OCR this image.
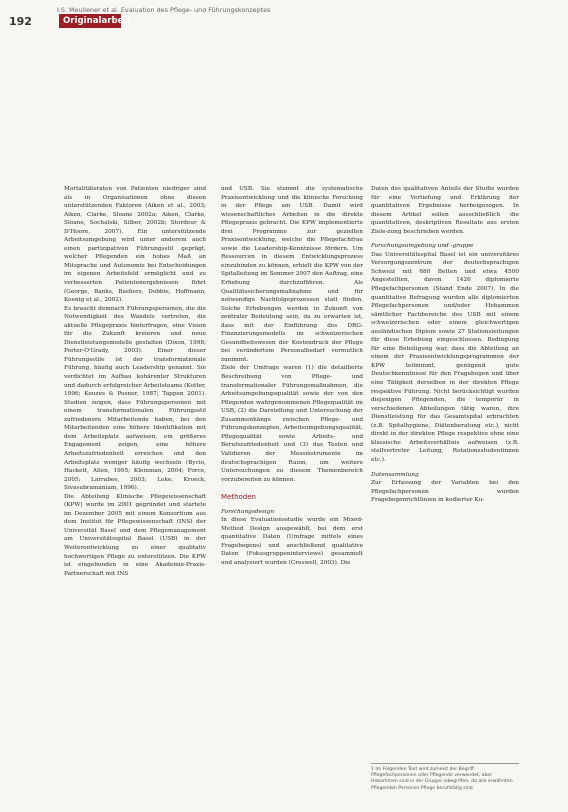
I.S. Meullener et al. Evaluation des Pflege- und Führungskonzeptes
192	Originalarbeit

Mortalitätsraten von Patienten niedriger sind als in Organisationen ohne diesen unterstützenden Faktoren (Aiken et al., 2003; Aiken, Clarke, Sloane 2002a; Aiken, Clarke, Sloane, Sochalski, Silber, 2002b; Stordeur & D'Hoore, 2007). Ein unterstützende Arbeitsumgebung wird unter anderem auch einen partizipativen Führungsstil geprägt, welcher Pflegenden ein hohes Maß an Mitsprache und Autonomie bei Entscheidungen im eigenen Arbeitsfeld ermöglicht und zu verbesserten Patientenergebnissen führt (George, Banks, Bashers, Dobbie, Hoffmann, Koenig et al., 2002).

Es braucht demnach Führungspersonen, die die Notwendigkeit des Wandels vertreten, die aktuelle Pflegepraxis hinterfragen, eine Vision für die Zukunft kreieren und neue Dienstleistungsmodelle gestalten (Dixon, 1998; Porter-O'Grady, 2003). Einer dieser Führungsstile ist der transformationale Führung, häufig auch Leadership genannt. Sie verdichtet im Aufbau kohärenter Strukturen und dadurch erfolgreicher Arbeitsteams (Kotter, 1996; Kouzes & Posner, 1987; Tappen 2001). Studien zeigen, dass Führungspersonen mit einem transformationalen Führungsstil zufriedenere Mitarbeitende haben, bei den Mitarbeitenden eine höhere Identifikation mit dem Arbeitsplatz aufweisen, ein größeres Engagement zeigen, eine höhere Arbeitszufriedenheit erreichen und den Arbeitsplatz weniger häufig wechseln (Bycio, Hackett, Allen, 1995; Kleinman, 2004; Force, 2005; Larrabee, 2003; Loke, Kroeck, Sivasubramaniam, 1996).

Die Abteilung Klinische Pflegewissenschaft (KPW) wurde im 2001 gegründet und startete im Dezember 2005 mit einem Konsortium aus dem Institut für Pflegewissenschaft (INS) der Universität Basel und dem Pflegemanagement am Universitätsspital Basel (USB) in der Weiterentwicklung zu einer qualitativ hochwertigen Pflege zu unterstützen. Die KPW ist eingebunden in eine Akademie-Praxis-Partnerschaft mit INS

und USB. Sie stemmt die systematische Praxisentwicklung und die klinische Forschung in der Pflege am USB. Damit wird wissenschaftliches Arbeiten in die direkte Pflegepraxis gebracht. Die KPW implementierte drei Programme zur gezielten Praxisentwicklung, welche die Pflegefachfrau sowie die Leadership-Kenntnisse fördern. Um Ressourcen in diesem Entwicklungsprozess einzubinden zu können, erhielt die KPW von der Spitalleitung im Sommer 2007 den Auftrag, eine Erhebung durchzuführen. Als Qualitätssicherungsmaßnahme und für notwendige Nachfolgeprozessen statt finden. Solche Erhebungen werden in Zukunft von zentraler Bedeutung sein, da zu erwarten ist, dass mit der Einführung des DRG-Finanzierungsmodells im schweizerischen Gesundheitswesen der Kostendruck der Pflege bei verändertem Personalbedarf vermutlich zunimmt.

Ziele der Umfrage waren (1) die detaillierte Beschreibung von Pflege- und transformationaler Führungsmaßnahmen, die Arbeitsumgebungsqualität sowie der von den Pflegenden wahrgenommenen Pflegequalität im USB, (2) die Darstellung und Untersuchung der Zusammenhänge zwischen Pflege- und Führungskonzepten, Arbeitsumgebungsqualität, Pflegequalität sowie Arbeits- und Berufszufriedenheit und (3) das Testen und Validieren der Messinstrumente im deutschsprachigen Raum, um weitere Untersuchungen zu diesem Themenbereich vorzubereiten zu können.

Methoden

Forschungsdesign

In diese Evaluationsstudie wurde ein Mixed-Method Design ausgewählt, bei dem erst quantitative Daten (Umfrage mittels eines Fragebogens) und anschließend qualitative Daten (Fokusgruppeninterviews) gesammelt und analysiert wurden (Creswell, 2003). Die

Daten des qualitativen Anteils der Studie wurden für eine Vertiefung und Erklärung der quantitativen Ergebnisse herbeigezogen. In diesem Artikel sollen ausschließlich die quantitativen, deskriptiven Resultate aus ersten Ziele-zung beschrieben werden.

Forschungsumgebung und -gruppe

Das Universitätsspital Basel ist ein universitäres Versorgungszentrum der deutschsprachigen Schweiz mit 680 Betten und etwa 4500 Angestellten, davon 1426 diplomierte Pflegefachpersonen (Stand Ende 2007). In die quantitative Befragung wurden alle diplomierten Pflegefachpersonen und/oder Hebammen sämtlicher Fachbereiche des USB mit einem schweizerischen oder einem gleichwertigen ausländischen Diplom sowie 27 Stationsleitungen für diese Erhebung eingeschlossen. Bedingung für eine Beteiligung war, dass die Abteilung an einem der Praxisentwicklungsprogrammen der KPW teilnimmt, genügend gute Deutschkenntnisse für den Fragebogen und über eine Tätigkeit derselben in der direkten Pflege respektive Führung. Nicht berücksichtigt wurden diejenigen Pflegenden, die temporär in verschiedenen Abteilungen tätig waren, ihre Dienstleistung für das Gesamtspital erbrachten (z.B. Spitalhygiene, Diätenberatung etc.), nicht direkt in der direkten Pflege respektive ohne eine klassische Arbeitsverhältnis aufweisen (z.B. stellvertreter Leitung, Rotationsstudentinnen etc.).

Datensammlung

Zur Erfassung der Variablen bei den Pflegefachpersonen wurden Fragebogenrichtlinien in kodierter Ku-

1 Im Folgenden Text wird zumeist der Begriff Pflegefachpersonen oder Pflegende verwendet, aber Hebammen sind in der Gruppe inbegriffen, da alle erwähnten Pflegenden Personen Pflege berufstätig sind.
